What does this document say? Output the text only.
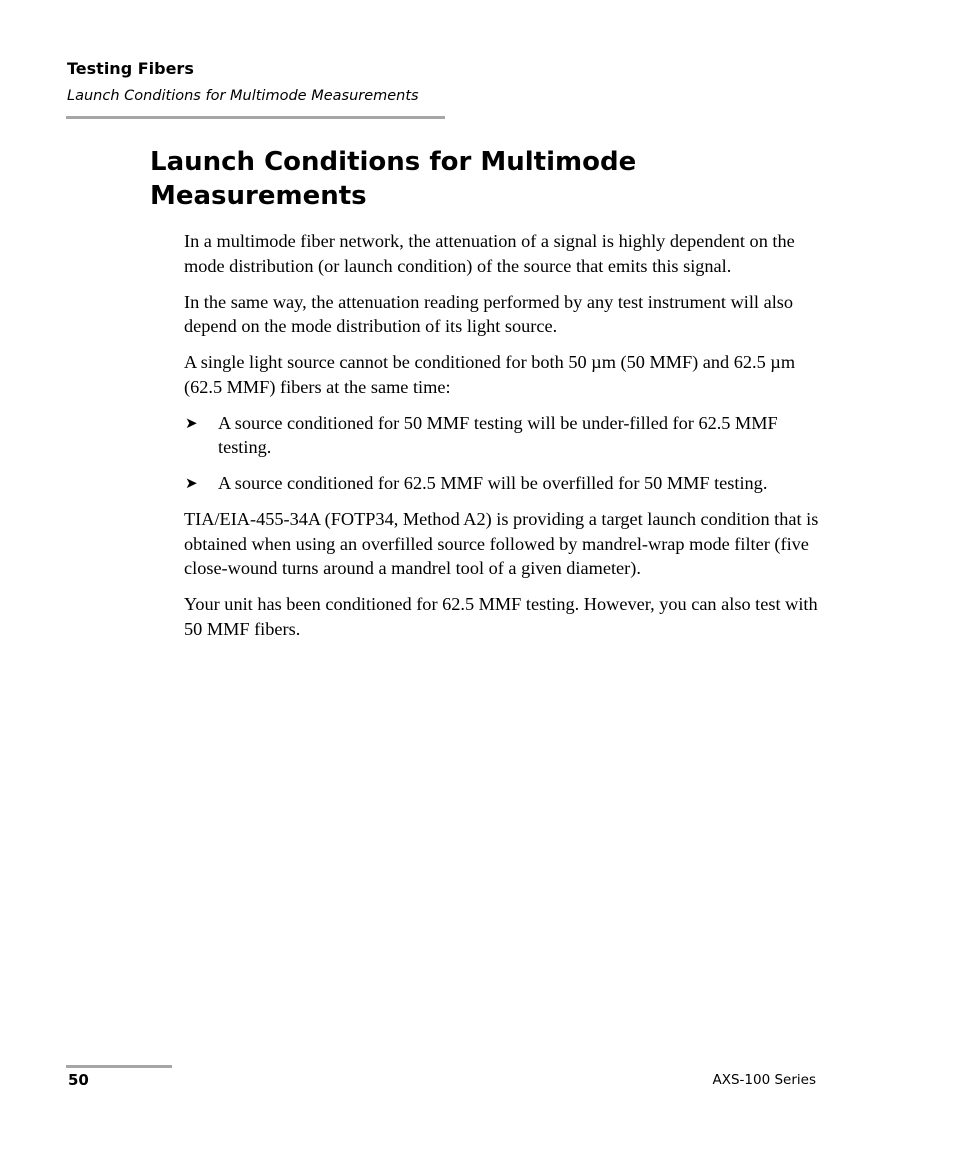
Testing Fibers

Launch Conditions for Multimode Measurements

Launch Conditions for Multimode Measurements

In a multimode fiber network, the attenuation of a signal is highly dependent on the mode distribution (or launch condition) of the source that emits this signal.

In the same way, the attenuation reading performed by any test instrument will also depend on the mode distribution of its light source.

A single light source cannot be conditioned for both 50 µm (50 MMF) and 62.5 µm (62.5 MMF) fibers at the same time:

➤ A source conditioned for 50 MMF testing will be under-filled for 62.5 MMF testing.
➤ A source conditioned for 62.5 MMF will be overfilled for 50 MMF testing.

TIA/EIA-455-34A (FOTP34, Method A2) is providing a target launch condition that is obtained when using an overfilled source followed by mandrel-wrap mode filter (five close-wound turns around a mandrel tool of a given diameter).

Your unit has been conditioned for 62.5 MMF testing. However, you can also test with 50 MMF fibers.

50	AXS-100 Series
